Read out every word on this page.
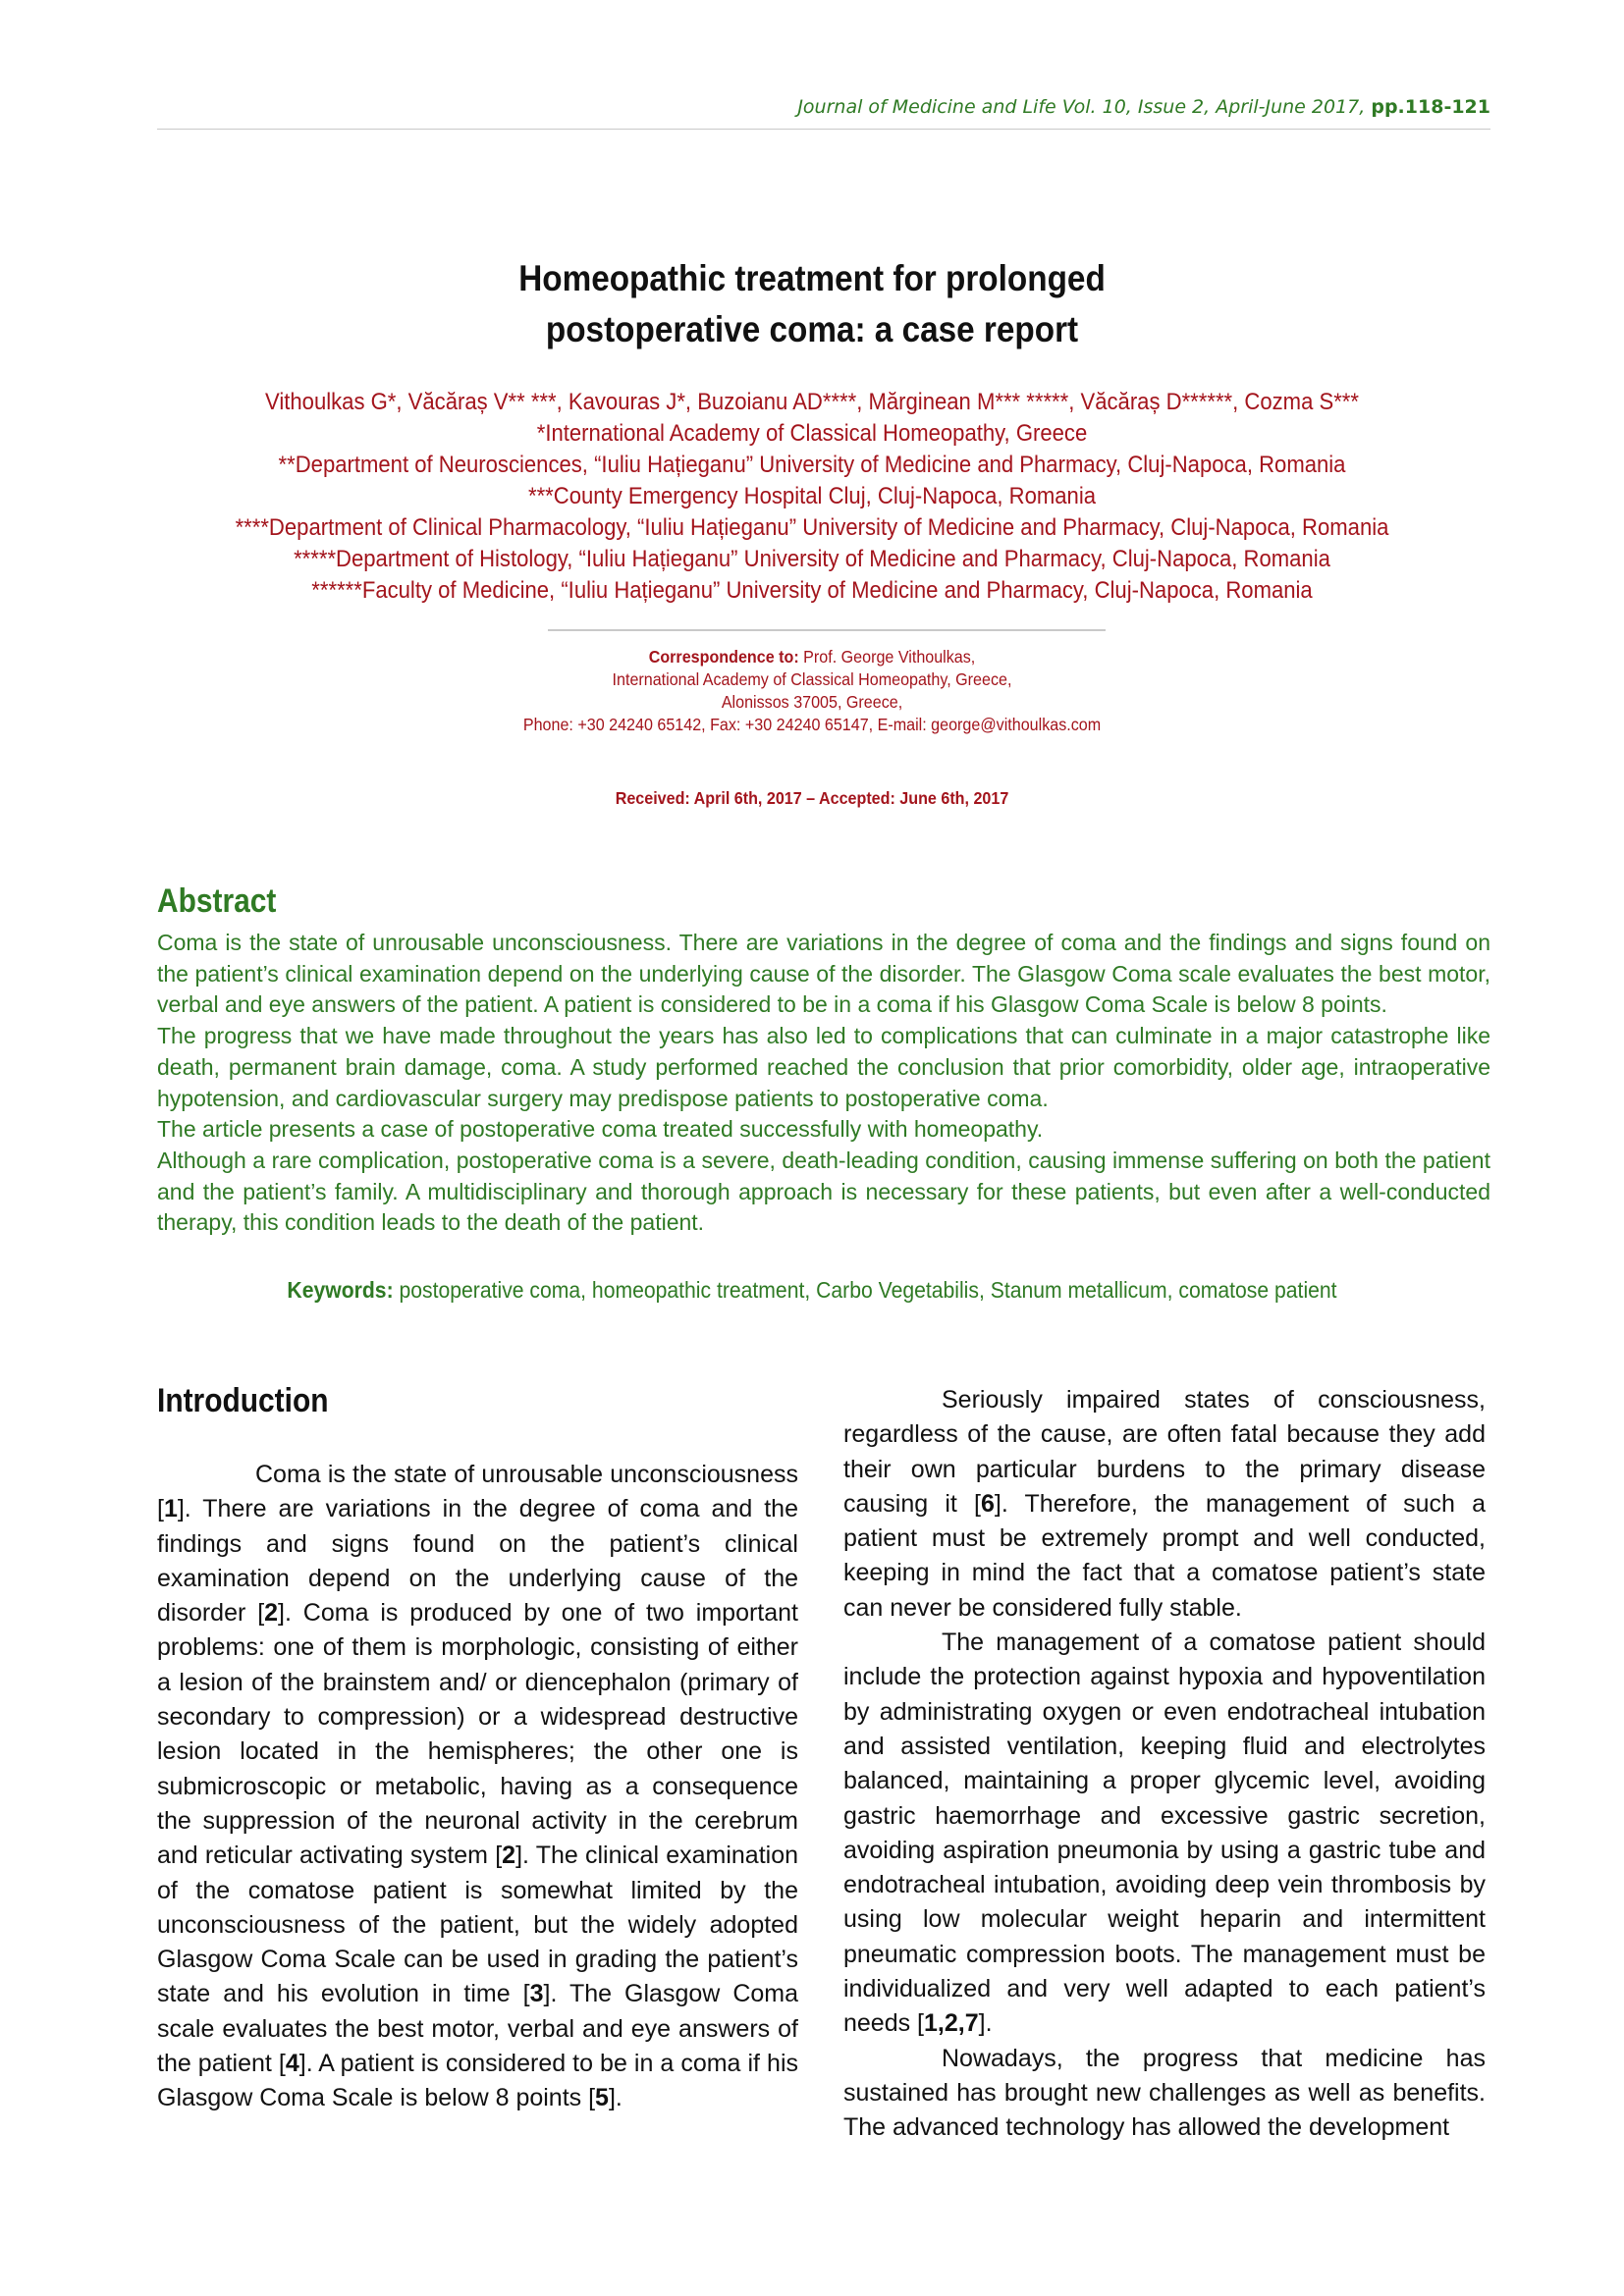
Journal of Medicine and Life Vol. 10, Issue 2, April-June 2017, pp.118-121
Homeopathic treatment for prolonged
postoperative coma: a case report
Vithoulkas G*, Văcăraș V** ***, Kavouras J*, Buzoianu AD****, Mărginean M*** *****, Văcăraș D******, Cozma S***
*International Academy of Classical Homeopathy, Greece
**Department of Neurosciences, “Iuliu Hațieganu” University of Medicine and Pharmacy, Cluj-Napoca, Romania
***County Emergency Hospital Cluj, Cluj-Napoca, Romania
****Department of Clinical Pharmacology, “Iuliu Hațieganu” University of Medicine and Pharmacy, Cluj-Napoca, Romania
*****Department of Histology, “Iuliu Hațieganu” University of Medicine and Pharmacy, Cluj-Napoca, Romania
******Faculty of Medicine, “Iuliu Hațieganu” University of Medicine and Pharmacy, Cluj-Napoca, Romania
Correspondence to: Prof. George Vithoulkas,
International Academy of Classical Homeopathy, Greece,
Alonissos 37005, Greece,
Phone: +30 24240 65142, Fax: +30 24240 65147, E-mail: george@vithoulkas.com
Received: April 6th, 2017 – Accepted: June 6th, 2017
Abstract

Coma is the state of unrousable unconsciousness. There are variations in the degree of coma and the findings and signs found on the patient’s clinical examination depend on the underlying cause of the disorder. The Glasgow Coma scale evaluates the best motor, verbal and eye answers of the patient. A patient is considered to be in a coma if his Glasgow Coma Scale is below 8 points.

The progress that we have made throughout the years has also led to complications that can culminate in a major catastrophe like death, permanent brain damage, coma. A study performed reached the conclusion that prior comorbidity, older age, intraoperative hypotension, and cardiovascular surgery may predispose patients to postoperative coma.

The article presents a case of postoperative coma treated successfully with homeopathy.

Although a rare complication, postoperative coma is a severe, death-leading condition, causing immense suffering on both the patient and the patient’s family. A multidisciplinary and thorough approach is necessary for these patients, but even after a well-conducted therapy, this condition leads to the death of the patient.

Keywords: postoperative coma, homeopathic treatment, Carbo Vegetabilis, Stanum metallicum, comatose patient
Introduction

Coma is the state of unrousable unconsciousness [1]. There are variations in the degree of coma and the findings and signs found on the patient’s clinical examination depend on the underlying cause of the disorder [2]. Coma is produced by one of two important problems: one of them is morphologic, consisting of either a lesion of the brainstem and/ or diencephalon (primary of secondary to compression) or a widespread destructive lesion located in the hemispheres; the other one is submicroscopic or metabolic, having as a consequence the suppression of the neuronal activity in the cerebrum and reticular activating system [2]. The clinical examination of the comatose patient is somewhat limited by the unconsciousness of the patient, but the widely adopted Glasgow Coma Scale can be used in grading the patient’s state and his evolution in time [3]. The Glasgow Coma scale evaluates the best motor, verbal and eye answers of the patient [4]. A patient is considered to be in a coma if his Glasgow Coma Scale is below 8 points [5].

Seriously impaired states of consciousness, regardless of the cause, are often fatal because they add their own particular burdens to the primary disease causing it [6]. Therefore, the management of such a patient must be extremely prompt and well conducted, keeping in mind the fact that a comatose patient’s state can never be considered fully stable.

The management of a comatose patient should include the protection against hypoxia and hypoventilation by administrating oxygen or even endotracheal intubation and assisted ventilation, keeping fluid and electrolytes balanced, maintaining a proper glycemic level, avoiding gastric haemorrhage and excessive gastric secretion, avoiding aspiration pneumonia by using a gastric tube and endotracheal intubation, avoiding deep vein thrombosis by using low molecular weight heparin and intermittent pneumatic compression boots. The management must be individualized and very well adapted to each patient’s needs [1,2,7].

Nowadays, the progress that medicine has sustained has brought new challenges as well as benefits. The advanced technology has allowed the development
